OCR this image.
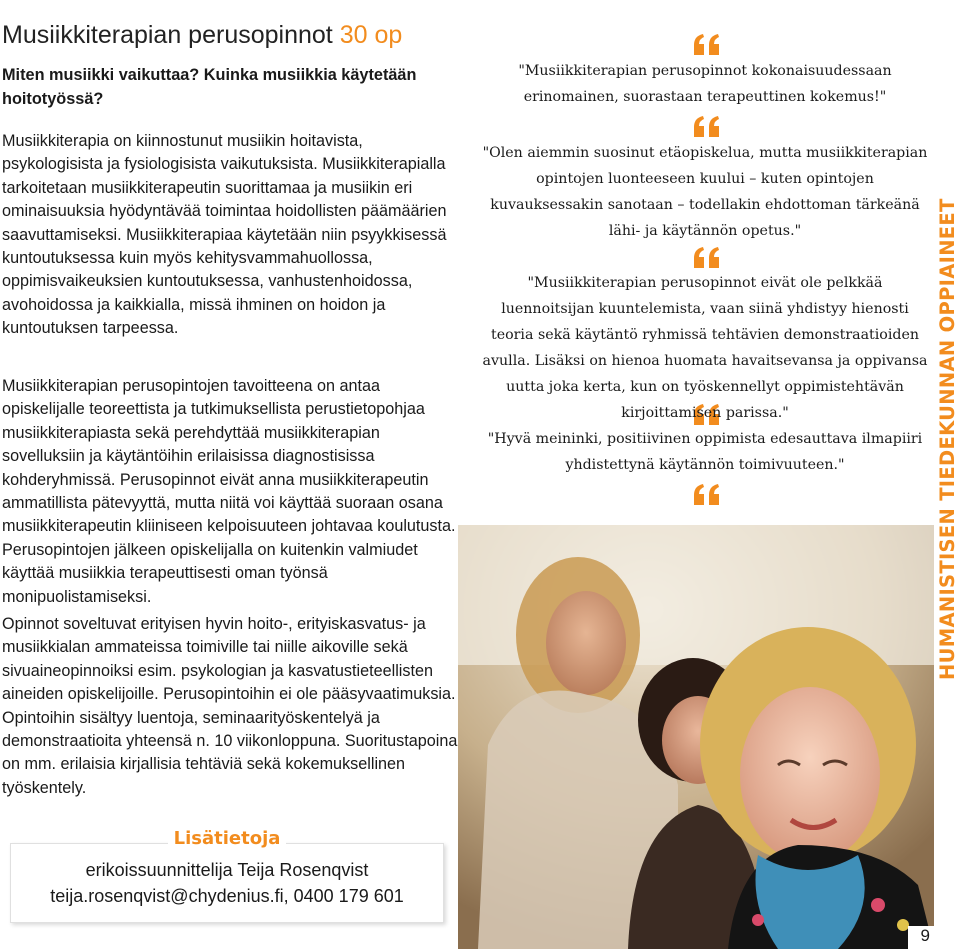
Musiikkiterapian perusopinnot 30 op
Miten musiikki vaikuttaa? Kuinka musiikkia käytetään hoitotyössä?
Musiikkiterapia on kiinnostunut musiikin hoitavista, psykologisista ja fysiologisista vaikutuksista. Musiikkiterapialla tarkoitetaan musiikkiterapeutin suorittamaa ja musiikin eri ominaisuuksia hyödyntävää toimintaa hoidollisten päämäärien saavuttamiseksi. Musiikkiterapiaa käytetään niin psyykkisessä kuntoutuksessa kuin myös kehitysvammahuollossa, oppimisvaikeuksien kuntoutuksessa, vanhustenhoidossa, avohoidossa ja kaikkialla, missä ihminen on hoidon ja kuntoutuksen tarpeessa.
Musiikkiterapian perusopintojen tavoitteena on antaa opiskelijalle teoreettista ja tutkimuksellista perustietopohjaa musiikkiterapiasta sekä perehdyttää musiikkiterapian sovelluksiin ja käytäntöihin erilaisissa diagnostisissa kohderyhmissä. Perusopinnot eivät anna musiikkiterapeutin ammatillista pätevyyttä, mutta niitä voi käyttää suoraan osana musiikkiterapeutin kliiniseen kelpoisuuteen johtavaa koulutusta. Perusopintojen jälkeen opiskelijalla on kuitenkin valmiudet käyttää musiikkia terapeuttisesti oman työnsä monipuolistamiseksi.
Opinnot soveltuvat erityisen hyvin hoito-, erityiskasvatus- ja musiikkialan ammateissa toimiville tai niille aikoville sekä sivuaineopinnoiksi esim. psykologian ja kasvatustieteellisten aineiden opiskelijoille. Perusopintoihin ei ole pääsyvaatimuksia. Opintoihin sisältyy luentoja, seminaarityöskentelyä ja demonstraatioita yhteensä n. 10 viikonloppuna. Suoritustapoina on mm. erilaisia kirjallisia tehtäviä sekä kokemuksellinen työskentely.
Lisätietoja
erikoissuunnittelija Teija Rosenqvist
teija.rosenqvist@chydenius.fi, 0400 179 601
"Musiikkiterapian perusopinnot kokonaisuudessaan erinomainen, suorastaan terapeuttinen kokemus!"
"Olen aiemmin suosinut etäopiskelua, mutta musiikkiterapian opintojen luonteeseen kuului – kuten opintojen kuvauksessakin sanotaan – todellakin ehdottoman tärkeänä lähi- ja käytännön opetus."
"Musiikkiterapian perusopinnot eivät ole pelkkää luennoitsijan kuuntelemista, vaan siinä yhdistyy hienosti teoria sekä käytäntö ryhmissä tehtävien demonstraatioiden avulla. Lisäksi on hienoa huomata havaitsevansa ja oppivansa uutta joka kerta, kun on työskennellyt oppimistehtävän kirjoittamisen parissa."
"Hyvä meininki, positiivinen oppimista edesauttava ilmapiiri yhdistettynä käytännön toimivuuteen."	HUMANISTISEN TIEDEKUNNAN OPPIAINEET
9
